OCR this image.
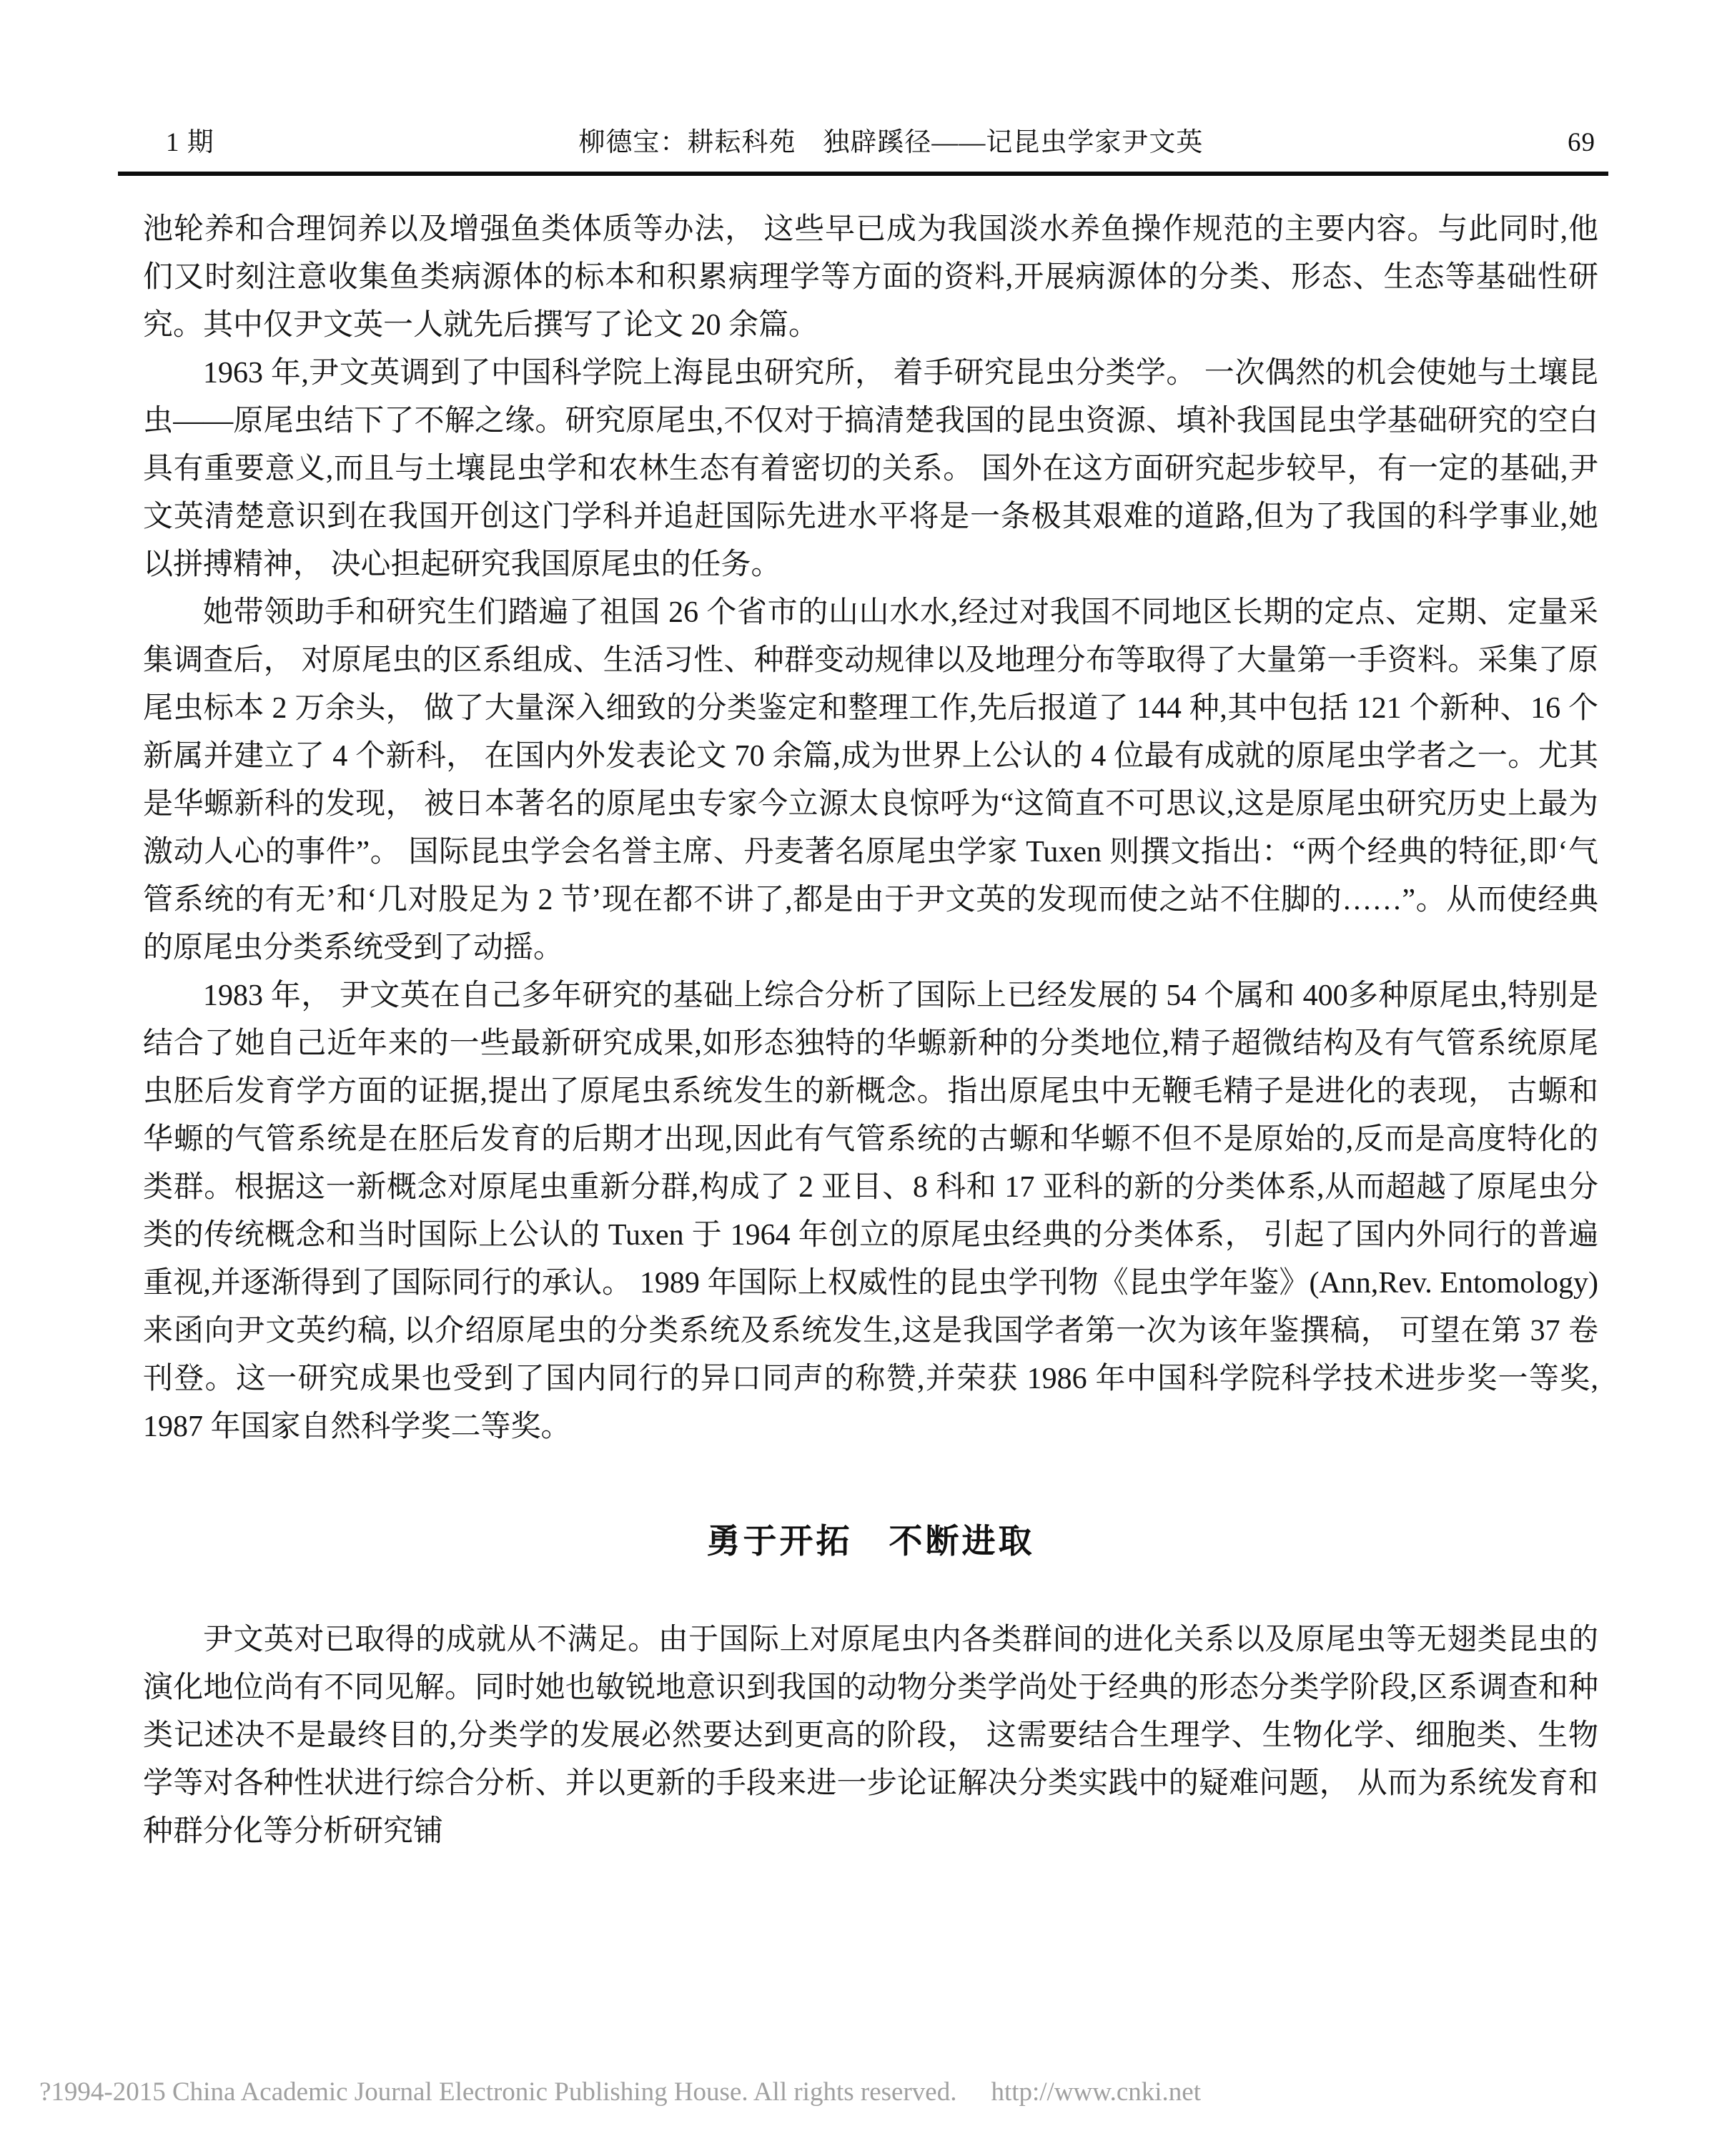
1 期	柳德宝：耕耘科苑　独辟蹊径——记昆虫学家尹文英	69

池轮养和合理饲养以及增强鱼类体质等办法， 这些早已成为我国淡水养鱼操作规范的主要内容。与此同时,他们又时刻注意收集鱼类病源体的标本和积累病理学等方面的资料,开展病源体的分类、形态、生态等基础性研究。其中仅尹文英一人就先后撰写了论文 20 余篇。

1963 年,尹文英调到了中国科学院上海昆虫研究所， 着手研究昆虫分类学。 一次偶然的机会使她与土壤昆虫——原尾虫结下了不解之缘。研究原尾虫,不仅对于搞清楚我国的昆虫资源、填补我国昆虫学基础研究的空白具有重要意义,而且与土壤昆虫学和农林生态有着密切的关系。 国外在这方面研究起步较早，有一定的基础,尹文英清楚意识到在我国开创这门学科并追赶国际先进水平将是一条极其艰难的道路,但为了我国的科学事业,她以拼搏精神， 决心担起研究我国原尾虫的任务。

她带领助手和研究生们踏遍了祖国 26 个省市的山山水水,经过对我国不同地区长期的定点、定期、定量采集调查后， 对原尾虫的区系组成、生活习性、种群变动规律以及地理分布等取得了大量第一手资料。采集了原尾虫标本 2 万余头， 做了大量深入细致的分类鉴定和整理工作,先后报道了 144 种,其中包括 121 个新种、16 个新属并建立了 4 个新科， 在国内外发表论文 70 余篇,成为世界上公认的 4 位最有成就的原尾虫学者之一。尤其是华螈新科的发现， 被日本著名的原尾虫专家今立源太良惊呼为“这简直不可思议,这是原尾虫研究历史上最为激动人心的事件”。 国际昆虫学会名誉主席、丹麦著名原尾虫学家 Tuxen 则撰文指出：“两个经典的特征,即‘气管系统的有无’和‘几对股足为 2 节’现在都不讲了,都是由于尹文英的发现而使之站不住脚的……”。从而使经典的原尾虫分类系统受到了动摇。

1983 年， 尹文英在自己多年研究的基础上综合分析了国际上已经发展的 54 个属和 400多种原尾虫,特别是结合了她自己近年来的一些最新研究成果,如形态独特的华螈新种的分类地位,精子超微结构及有气管系统原尾虫胚后发育学方面的证据,提出了原尾虫系统发生的新概念。指出原尾虫中无鞭毛精子是进化的表现， 古螈和华螈的气管系统是在胚后发育的后期才出现,因此有气管系统的古螈和华螈不但不是原始的,反而是高度特化的类群。根据这一新概念对原尾虫重新分群,构成了 2 亚目、8 科和 17 亚科的新的分类体系,从而超越了原尾虫分类的传统概念和当时国际上公认的 Tuxen 于 1964 年创立的原尾虫经典的分类体系， 引起了国内外同行的普遍重视,并逐渐得到了国际同行的承认。 1989 年国际上权威性的昆虫学刊物《昆虫学年鉴》(Ann,Rev. Entomology) 来函向尹文英约稿, 以介绍原尾虫的分类系统及系统发生,这是我国学者第一次为该年鉴撰稿， 可望在第 37 卷刊登。这一研究成果也受到了国内同行的异口同声的称赞,并荣获 1986 年中国科学院科学技术进步奖一等奖, 1987 年国家自然科学奖二等奖。

勇于开拓　不断进取

尹文英对已取得的成就从不满足。由于国际上对原尾虫内各类群间的进化关系以及原尾虫等无翅类昆虫的演化地位尚有不同见解。同时她也敏锐地意识到我国的动物分类学尚处于经典的形态分类学阶段,区系调查和种类记述决不是最终目的,分类学的发展必然要达到更高的阶段， 这需要结合生理学、生物化学、细胞类、生物学等对各种性状进行综合分析、并以更新的手段来进一步论证解决分类实践中的疑难问题， 从而为系统发育和种群分化等分析研究铺

?1994-2015 China Academic Journal Electronic Publishing House. All rights reserved. http://www.cnki.net
